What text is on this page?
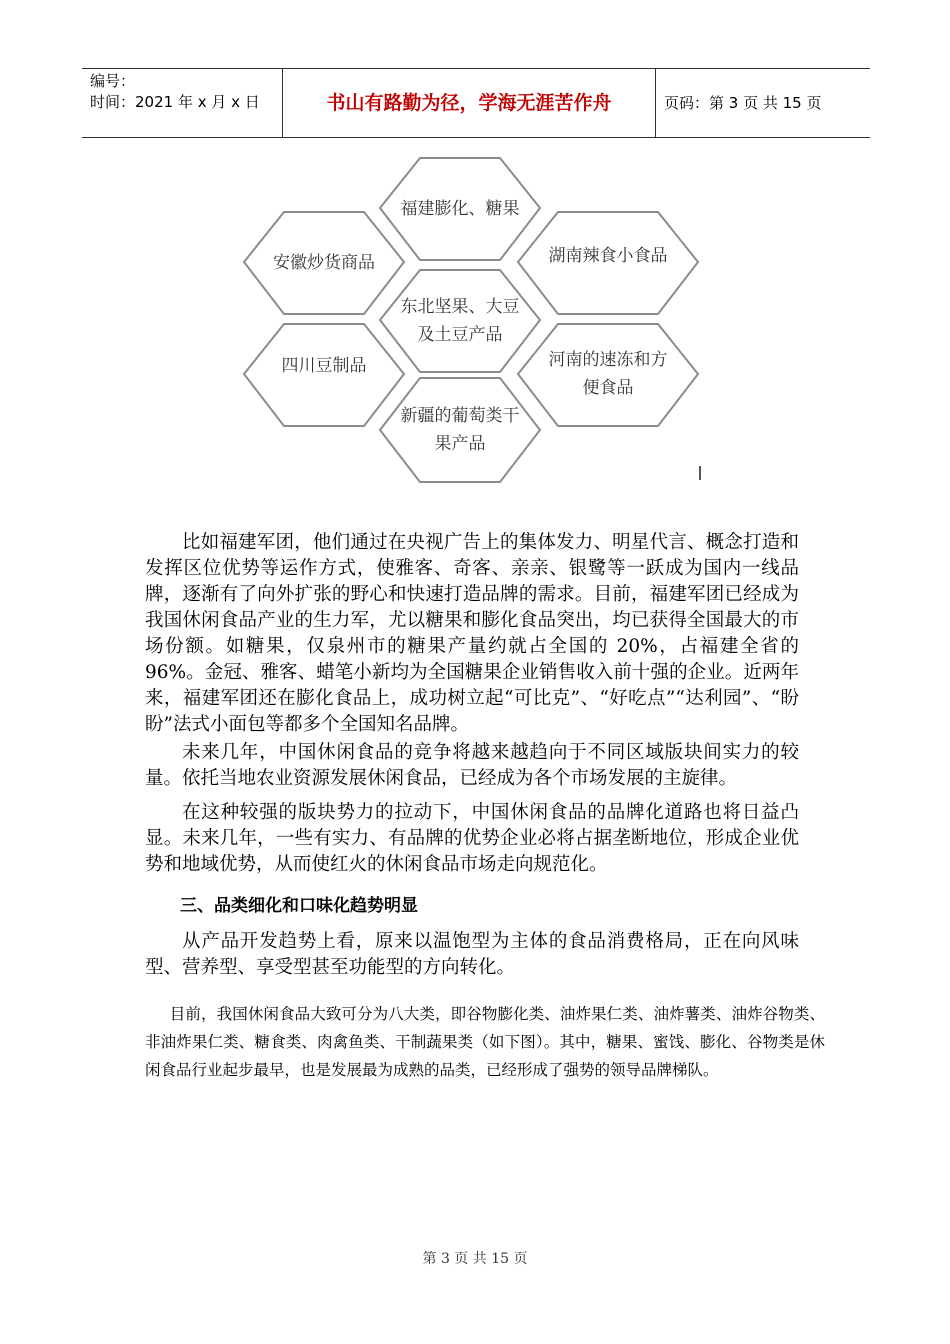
编号：
时间：2021 年 x 月 x 日	书山有路勤为径，学海无涯苦作舟	页码：第 3 页 共 15 页
福建膨化、糖果
安徽炒货商品	湖南辣食小食品
东北坚果、大豆
及土豆产品
四川豆制品	河南的速冻和方
便食品
新疆的葡萄类干
果产品

比如福建军团，他们通过在央视广告上的集体发力、明星代言、概念打造和发挥区位优势等运作方式，使雅客、奇客、亲亲、银鹭等一跃成为国内一线品牌，逐渐有了向外扩张的野心和快速打造品牌的需求。目前，福建军团已经成为我国休闲食品产业的生力军，尤以糖果和膨化食品突出，均已获得全国最大的市场份额。如糖果，仅泉州市的糖果产量约就占全国的 20%，占福建全省的 96%。金冠、雅客、蜡笔小新均为全国糖果企业销售收入前十强的企业。近两年来，福建军团还在膨化食品上，成功树立起“可比克”、“好吃点”“达利园”、“盼盼”法式小面包等都多个全国知名品牌。

未来几年，中国休闲食品的竞争将越来越趋向于不同区域版块间实力的较量。依托当地农业资源发展休闲食品，已经成为各个市场发展的主旋律。

在这种较强的版块势力的拉动下，中国休闲食品的品牌化道路也将日益凸显。未来几年，一些有实力、有品牌的优势企业必将占据垄断地位，形成企业优势和地域优势，从而使红火的休闲食品市场走向规范化。

三、品类细化和口味化趋势明显

从产品开发趋势上看，原来以温饱型为主体的食品消费格局，正在向风味型、营养型、享受型甚至功能型的方向转化。

目前，我国休闲食品大致可分为八大类，即谷物膨化类、油炸果仁类、油炸薯类、油炸谷物类、非油炸果仁类、糖食类、肉禽鱼类、干制蔬果类（如下图）。其中，糖果、蜜饯、膨化、谷物类是休闲食品行业起步最早，也是发展最为成熟的品类，已经形成了强势的领导品牌梯队。

第 3 页 共 15 页
